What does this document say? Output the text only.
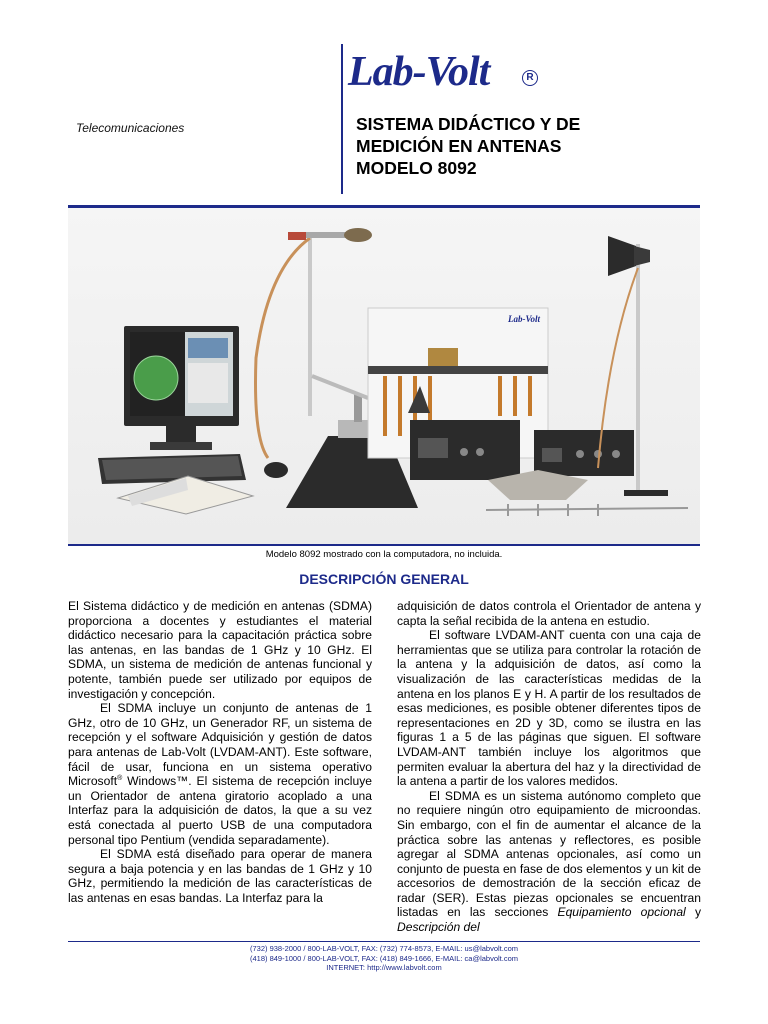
Telecomunicaciones
Lab-Volt	R
SISTEMA DIDÁCTICO Y DE
MEDICIÓN EN ANTENAS
MODELO 8092
Lab-Volt
Modelo 8092 mostrado con la computadora, no incluida.
DESCRIPCIÓN GENERAL

El Sistema didáctico y de medición en antenas (SDMA) proporciona a docentes y estudiantes el material didáctico necesario para la capacitación práctica sobre las antenas, en las bandas de 1 GHz y 10 GHz. El SDMA, un sistema de medición de antenas funcional y potente, también puede ser utilizado por equipos de investigación y concepción.

El SDMA incluye un conjunto de antenas de 1 GHz, otro de 10 GHz, un Generador RF, un sistema de recepción y el software Adquisición y gestión de datos para antenas de Lab-Volt (LVDAM-ANT). Este software, fácil de usar, funciona en un sistema operativo Microsoft® Windows™. El sistema de recepción incluye un Orientador de antena giratorio acoplado a una Interfaz para la adquisición de datos, la que a su vez está conectada al puerto USB de una computadora personal tipo Pentium (vendida separadamente).

El SDMA está diseñado para operar de manera segura a baja potencia y en las bandas de 1 GHz y 10 GHz, permitiendo la medición de las características de las antenas en esas bandas. La Interfaz para la

adquisición de datos controla el Orientador de antena y capta la señal recibida de la antena en estudio.

El software LVDAM-ANT cuenta con una caja de herramientas que se utiliza para controlar la rotación de la antena y la adquisición de datos, así como la visualización de las características medidas de la antena en los planos E y H. A partir de los resultados de esas mediciones, es posible obtener diferentes tipos de representaciones en 2D y 3D, como se ilustra en las figuras 1 a 5 de las páginas que siguen. El software LVDAM-ANT también incluye los algoritmos que permiten evaluar la abertura del haz y la directividad de la antena a partir de los valores medidos.

El SDMA es un sistema autónomo completo que no requiere ningún otro equipamiento de microondas. Sin embargo, con el fin de aumentar el alcance de la práctica sobre las antenas y reflectores, es posible agregar al SDMA antenas opcionales, así como un conjunto de puesta en fase de dos elementos y un kit de accesorios de demostración de la sección eficaz de radar (SER). Estas piezas opcionales se encuentran listadas en las secciones Equipamiento opcional y Descripción del

(732) 938-2000 / 800-LAB-VOLT, FAX: (732) 774-8573, E-MAIL: us@labvolt.com
(418) 849-1000 / 800-LAB-VOLT, FAX: (418) 849-1666, E-MAIL: ca@labvolt.com
INTERNET: http://www.labvolt.com
